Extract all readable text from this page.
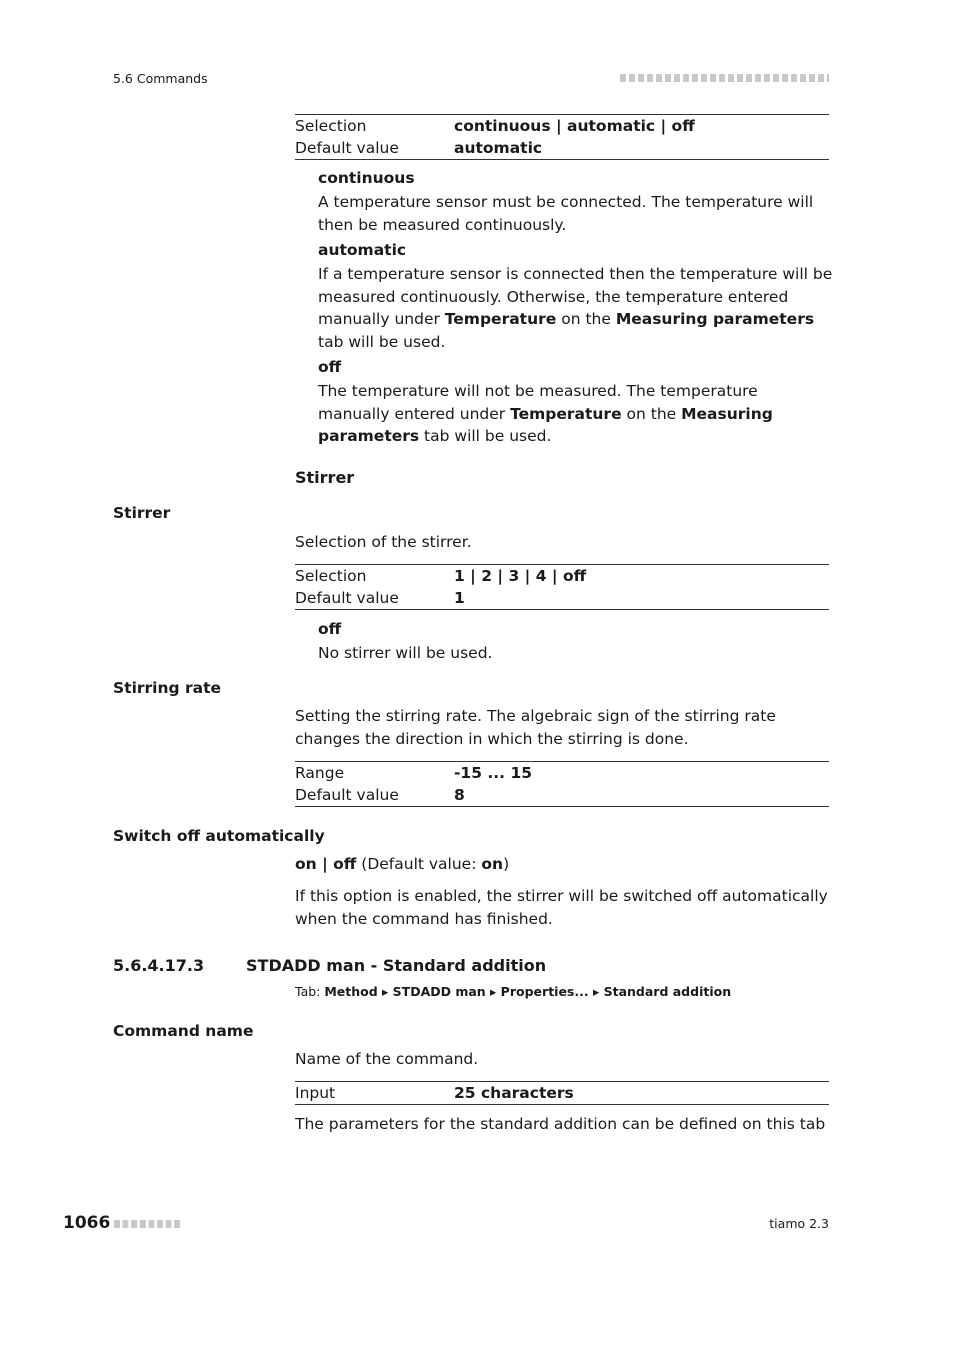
5.6 Commands
Selection	continuous | automatic | off
Default value	automatic
continuous
A temperature sensor must be connected. The temperature will then be measured continuously.
automatic
If a temperature sensor is connected then the temperature will be measured continuously. Otherwise, the temperature entered manually under Temperature on the Measuring parameters tab will be used.
off
The temperature will not be measured. The temperature manually entered under Temperature on the Measuring parameters tab will be used.
Stirrer
Stirrer
Selection of the stirrer.
Selection	1 | 2 | 3 | 4 | off
Default value	1
off
No stirrer will be used.
Stirring rate
Setting the stirring rate. The algebraic sign of the stirring rate changes the direction in which the stirring is done.
Range	-15 ... 15
Default value	8
Switch off automatically
on | off (Default value: on)
If this option is enabled, the stirrer will be switched off automatically when the command has finished.
5.6.4.17.3	STDADD man - Standard addition
Tab: Method ▸ STDADD man ▸ Properties... ▸ Standard addition
Command name
Name of the command.
Input	25 characters
The parameters for the standard addition can be defined on this tab
1066	tiamo 2.3
